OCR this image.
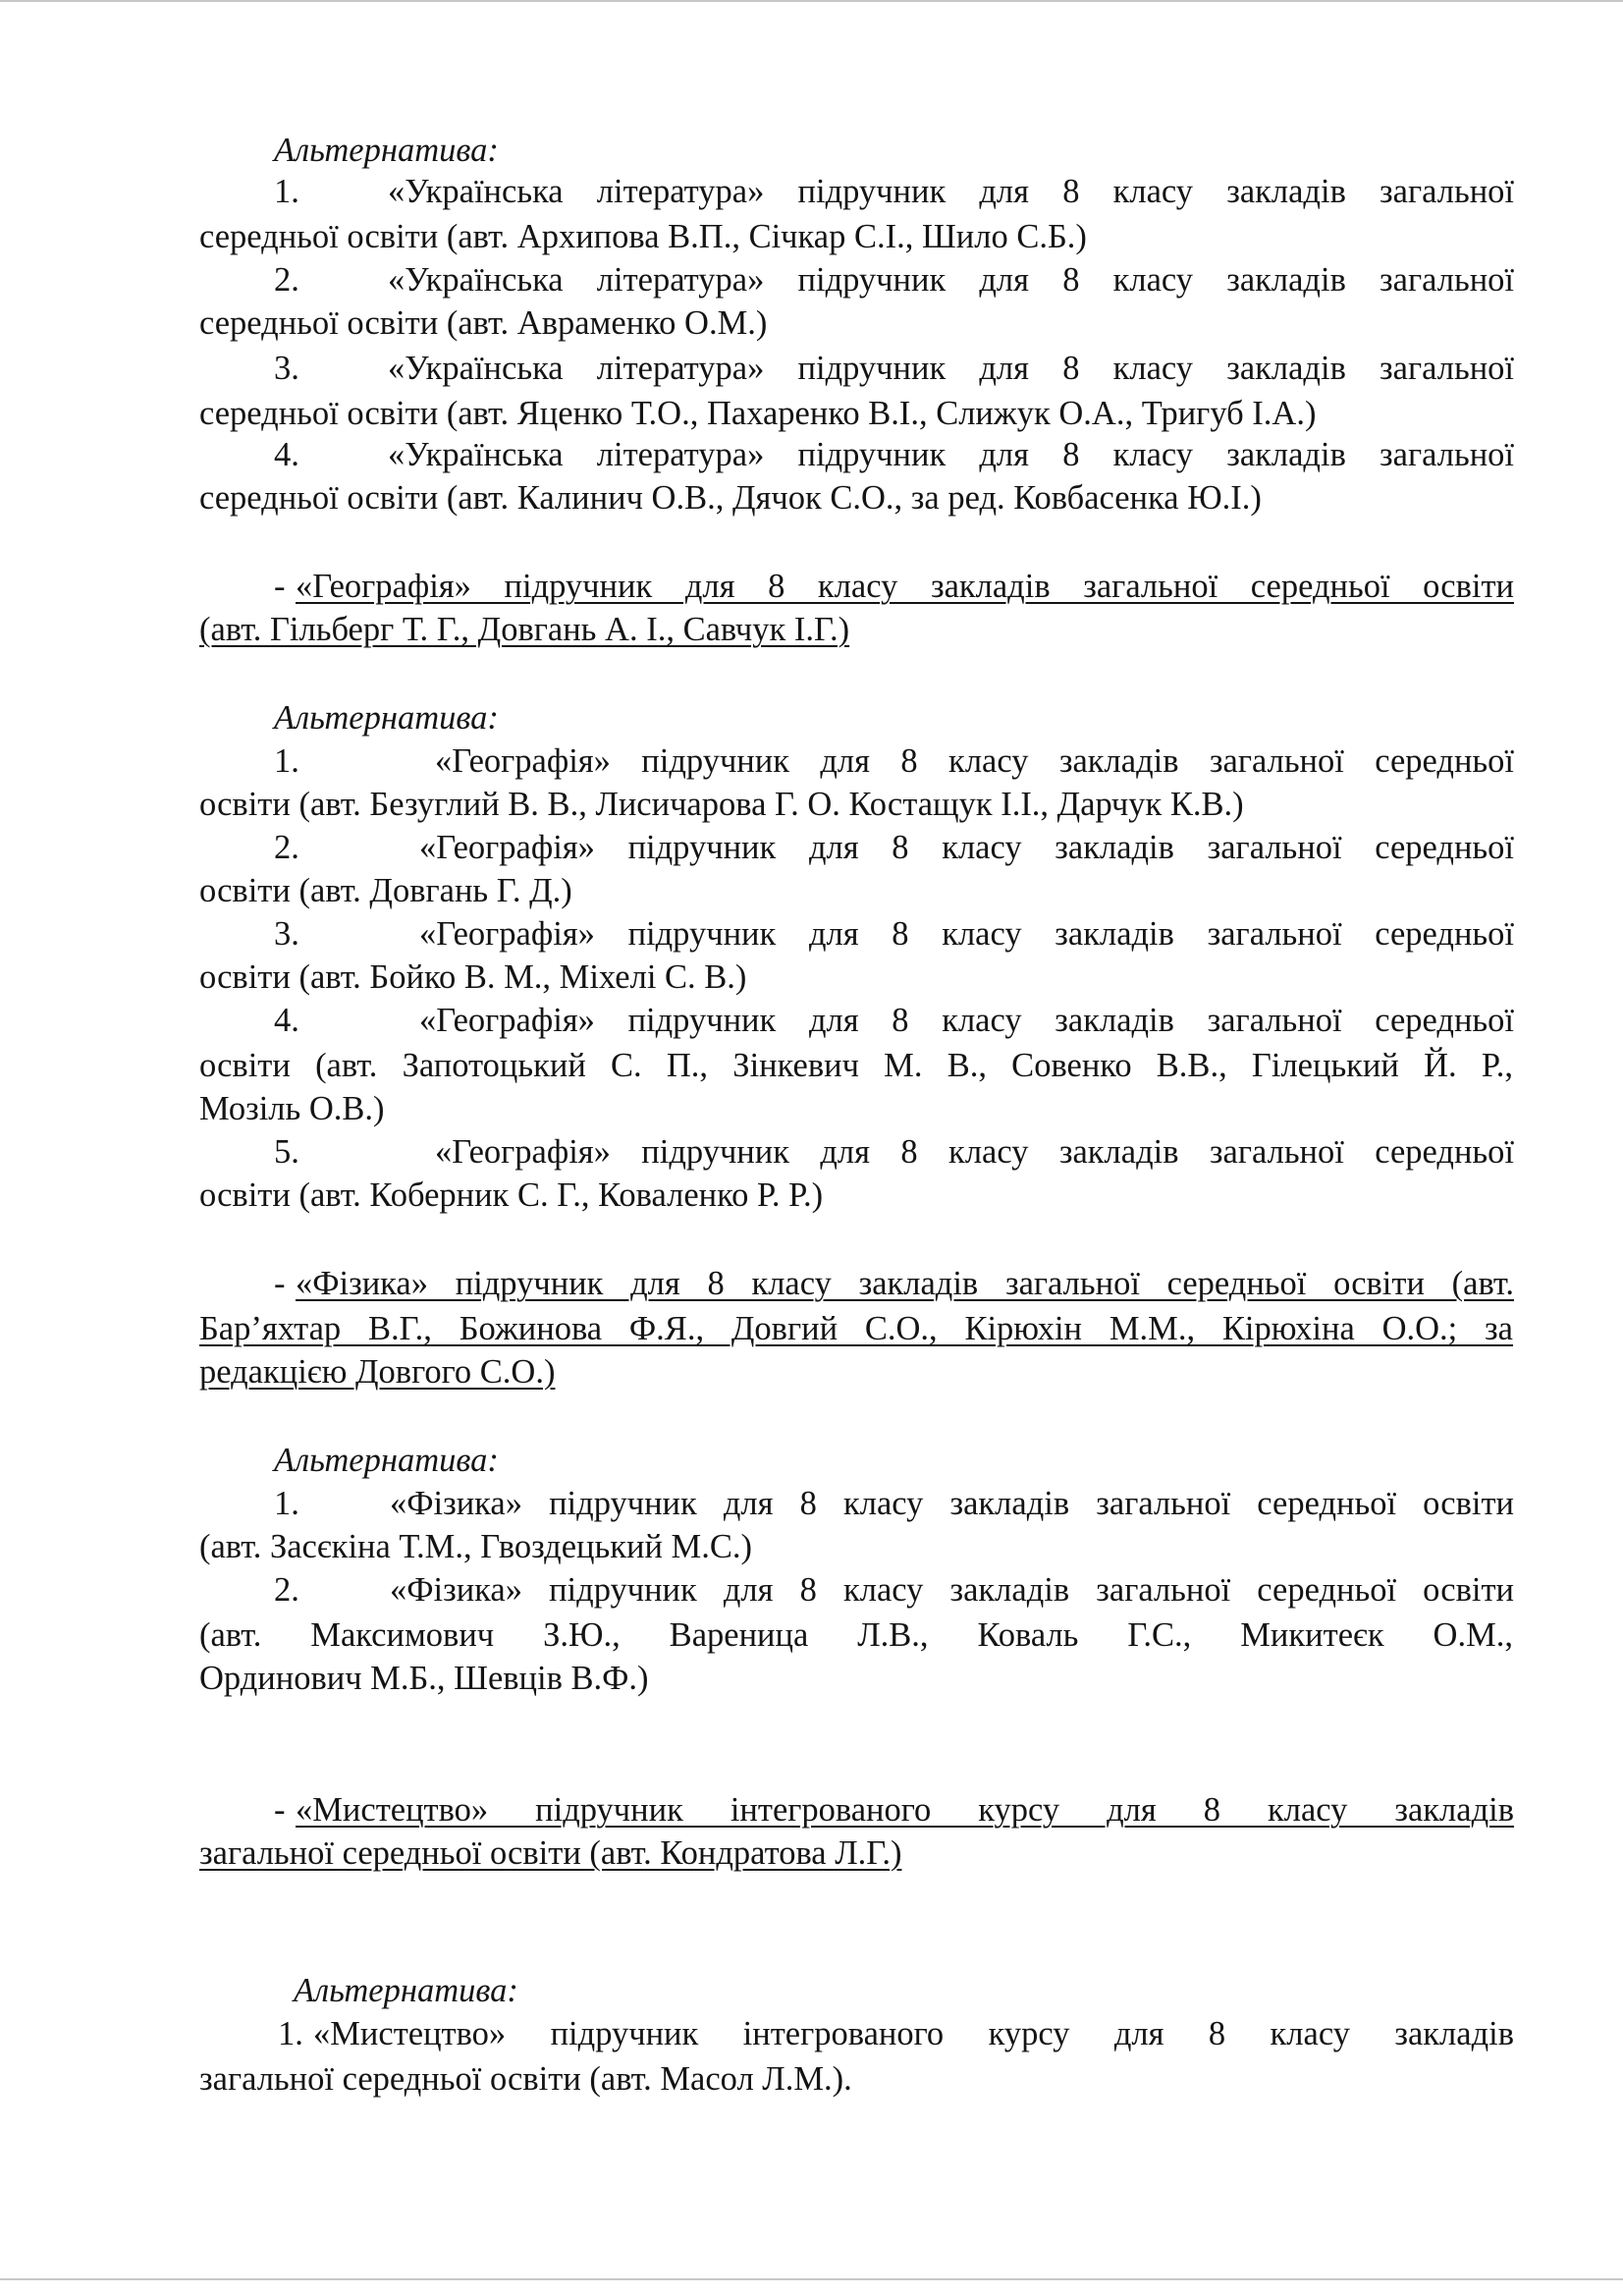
Альтернатива:
1.	«Українська література» підручник для 8 класу закладів загальної
середньої освіти (авт. Архипова В.П., Січкар С.І., Шило С.Б.)
2.	«Українська література» підручник для 8 класу закладів загальної
середньої освіти (авт. Авраменко О.М.)
3.	«Українська література» підручник для 8 класу закладів загальної
середньої освіти (авт. Яценко Т.О., Пахаренко В.І., Слижук О.А., Тригуб І.А.)
4.	«Українська література» підручник для 8 класу закладів загальної
середньої освіти (авт. Калинич О.В., Дячок С.О., за ред. Ковбасенка Ю.І.)
- «Географія» підручник для 8 класу закладів загальної середньої освіти
(авт. Гільберг Т. Г., Довгань А. І., Савчук І.Г.)
Альтернатива:
1.	«Географія» підручник для 8 класу закладів загальної середньої
освіти (авт. Безуглий В. В., Лисичарова Г. О. Костащук І.І., Дарчук К.В.)
2.	«Географія» підручник для 8 класу закладів загальної середньої
освіти (авт. Довгань Г. Д.)
3.	«Географія» підручник для 8 класу закладів загальної середньої
освіти (авт. Бойко В. М., Міхелі С. В.)
4.	«Географія» підручник для 8 класу закладів загальної середньої
освіти (авт. Запотоцький С. П., Зінкевич М. В., Совенко В.В., Гілецький Й. Р.,
Мозіль О.В.)
5.	«Географія» підручник для 8 класу закладів загальної середньої
освіти (авт. Коберник С. Г., Коваленко Р. Р.)
- «Фізика» підручник для 8 класу закладів загальної середньої освіти (авт.
Бар’яхтар В.Г., Божинова Ф.Я., Довгий С.О., Кірюхін М.М., Кірюхіна О.О.; за
редакцією Довгого С.О.)
Альтернатива:
1.	«Фізика» підручник для 8 класу закладів загальної середньої освіти
(авт. Засєкіна Т.М., Гвоздецький М.С.)
2.	«Фізика» підручник для 8 класу закладів загальної середньої освіти
(авт. Максимович З.Ю., Вареница Л.В., Коваль Г.С., Микитеєк О.М.,
Ординович М.Б., Шевців В.Ф.)
- «Мистецтво» підручник інтегрованого курсу для 8 класу закладів
загальної середньої освіти (авт. Кондратова Л.Г.)
Альтернатива:
1. «Мистецтво» підручник інтегрованого курсу для 8 класу закладів
загальної середньої освіти (авт. Масол Л.М.).
